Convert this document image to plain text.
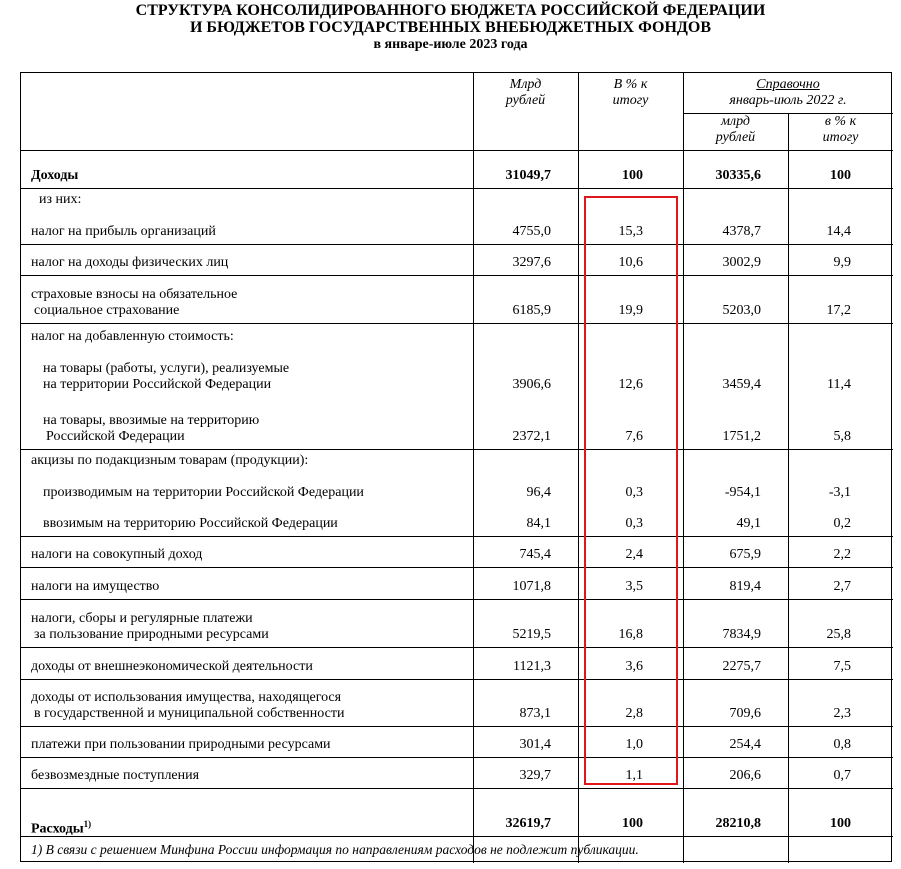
СТРУКТУРА КОНСОЛИДИРОВАННОГО БЮДЖЕТА РОССИЙСКОЙ ФЕДЕРАЦИИ
И БЮДЖЕТОВ ГОСУДАРСТВЕННЫХ ВНЕБЮДЖЕТНЫХ ФОНДОВ
в январе-июле 2023 года
Млрд
рублей
В % к
итогу
Справочно
январь-июль 2022 г.
млрд
рублей
в % к
итогу
Доходы	31049,7	100	30335,6	100
из них:
налог на прибыль организаций	4755,0	15,3	4378,7	14,4
налог на доходы физических лиц	3297,6	10,6	3002,9	9,9
страховые взносы на обязательное
социальное страхование	6185,9	19,9	5203,0	17,2
налог на добавленную стоимость:
на товары (работы, услуги), реализуемые
на территории Российской Федерации	3906,6	12,6	3459,4	11,4
на товары, ввозимые на территорию
Российской Федерации	2372,1	7,6	1751,2	5,8
акцизы по подакцизным товарам (продукции):
производимым на территории Российской Федерации	96,4	0,3	-954,1	-3,1
ввозимым на территорию Российской Федерации	84,1	0,3	49,1	0,2
налоги на совокупный доход	745,4	2,4	675,9	2,2
налоги на имущество	1071,8	3,5	819,4	2,7
налоги, сборы и регулярные платежи
за пользование природными ресурсами	5219,5	16,8	7834,9	25,8
доходы от внешнеэкономической деятельности	1121,3	3,6	2275,7	7,5
доходы от использования имущества, находящегося
в государственной и муниципальной собственности	873,1	2,8	709,6	2,3
платежи при пользовании природными ресурсами	301,4	1,0	254,4	0,8
безвозмездные поступления	329,7	1,1	206,6	0,7
Расходы$^{1)}$	32619,7	100	28210,8	100
1) В связи с решением Минфина России информация по направлениям расходов не подлежит публикации.
